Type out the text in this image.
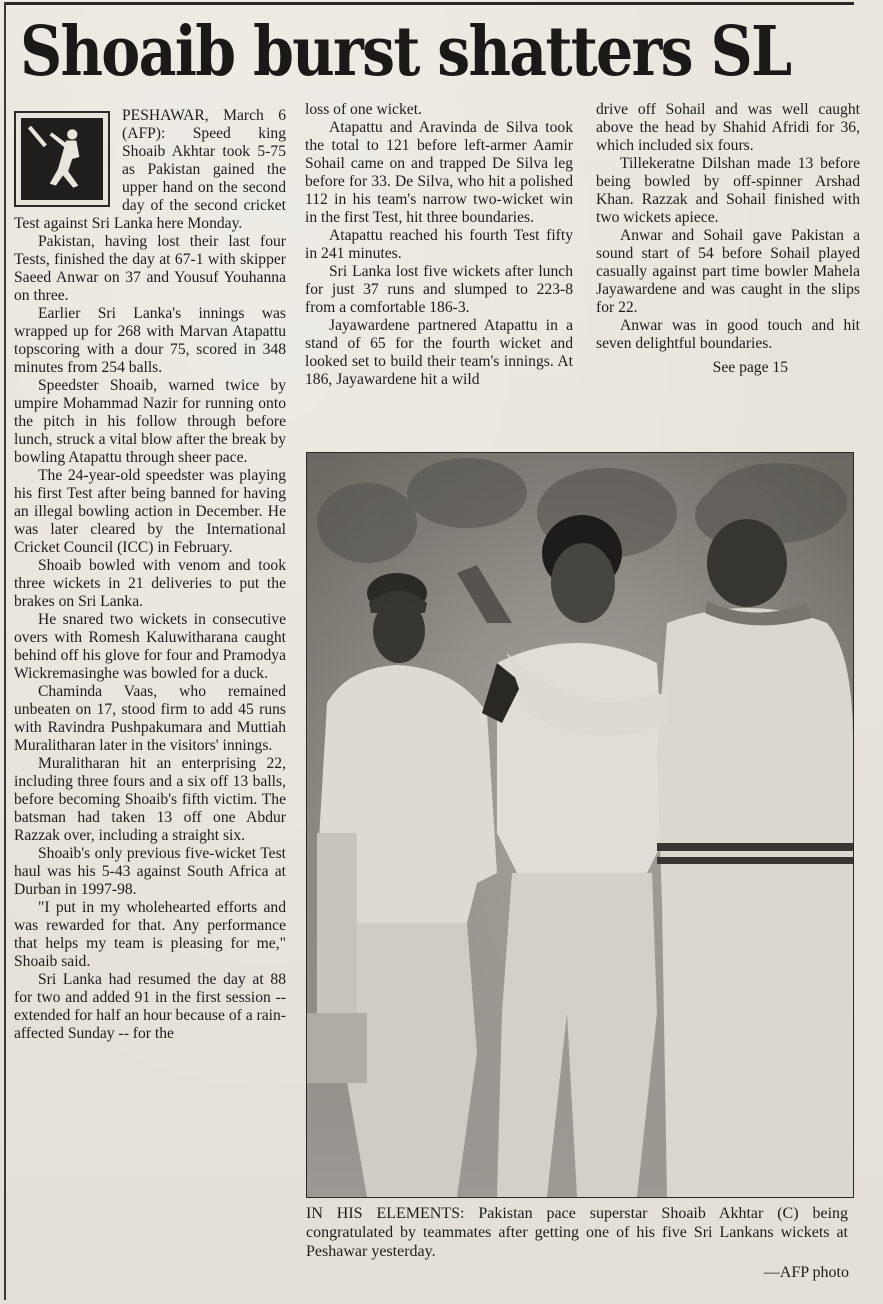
Shoaib burst shatters SL

PESHAWAR, March 6 (AFP): Speed king Shoaib Akhtar took 5-75 as Pakistan gained the upper hand on the second day of the second cricket Test against Sri Lanka here Monday.

Pakistan, having lost their last four Tests, finished the day at 67-1 with skipper Saeed Anwar on 37 and Yousuf Youhanna on three.

Earlier Sri Lanka's innings was wrapped up for 268 with Marvan Atapattu topscoring with a dour 75, scored in 348 minutes from 254 balls.

Speedster Shoaib, warned twice by umpire Mohammad Nazir for running onto the pitch in his follow through before lunch, struck a vital blow after the break by bowling Atapattu through sheer pace.

The 24-year-old speedster was playing his first Test after being banned for having an illegal bowling action in December. He was later cleared by the International Cricket Council (ICC) in February.

Shoaib bowled with venom and took three wickets in 21 deliveries to put the brakes on Sri Lanka.

He snared two wickets in consecutive overs with Romesh Kaluwitharana caught behind off his glove for four and Pramodya Wickremasinghe was bowled for a duck.

Chaminda Vaas, who remained unbeaten on 17, stood firm to add 45 runs with Ravindra Pushpakumara and Muttiah Muralitharan later in the visitors' innings.

Muralitharan hit an enterprising 22, including three fours and a six off 13 balls, before becoming Shoaib's fifth victim. The batsman had taken 13 off one Abdur Razzak over, including a straight six.

Shoaib's only previous five-wicket Test haul was his 5-43 against South Africa at Durban in 1997-98.

"I put in my wholehearted efforts and was rewarded for that. Any performance that helps my team is pleasing for me," Shoaib said.

Sri Lanka had resumed the day at 88 for two and added 91 in the first session -- extended for half an hour because of a rain-affected Sunday -- for the

loss of one wicket.

Atapattu and Aravinda de Silva took the total to 121 before left-armer Aamir Sohail came on and trapped De Silva leg before for 33. De Silva, who hit a polished 112 in his team's narrow two-wicket win in the first Test, hit three boundaries.

Atapattu reached his fourth Test fifty in 241 minutes.

Sri Lanka lost five wickets after lunch for just 37 runs and slumped to 223-8 from a comfortable 186-3.

Jayawardene partnered Atapattu in a stand of 65 for the fourth wicket and looked set to build their team's innings. At 186, Jayawardene hit a wild

drive off Sohail and was well caught above the head by Shahid Afridi for 36, which included six fours.

Tillekeratne Dilshan made 13 before being bowled by off-spinner Arshad Khan. Razzak and Sohail finished with two wickets apiece.

Anwar and Sohail gave Pakistan a sound start of 54 before Sohail played casually against part time bowler Mahela Jayawardene and was caught in the slips for 22.

Anwar was in good touch and hit seven delightful boundaries.

See page 15
IN HIS ELEMENTS: Pakistan pace superstar Shoaib Akhtar (C) being congratulated by teammates after getting one of his five Sri Lankans wickets at Peshawar yesterday.
—AFP photo
